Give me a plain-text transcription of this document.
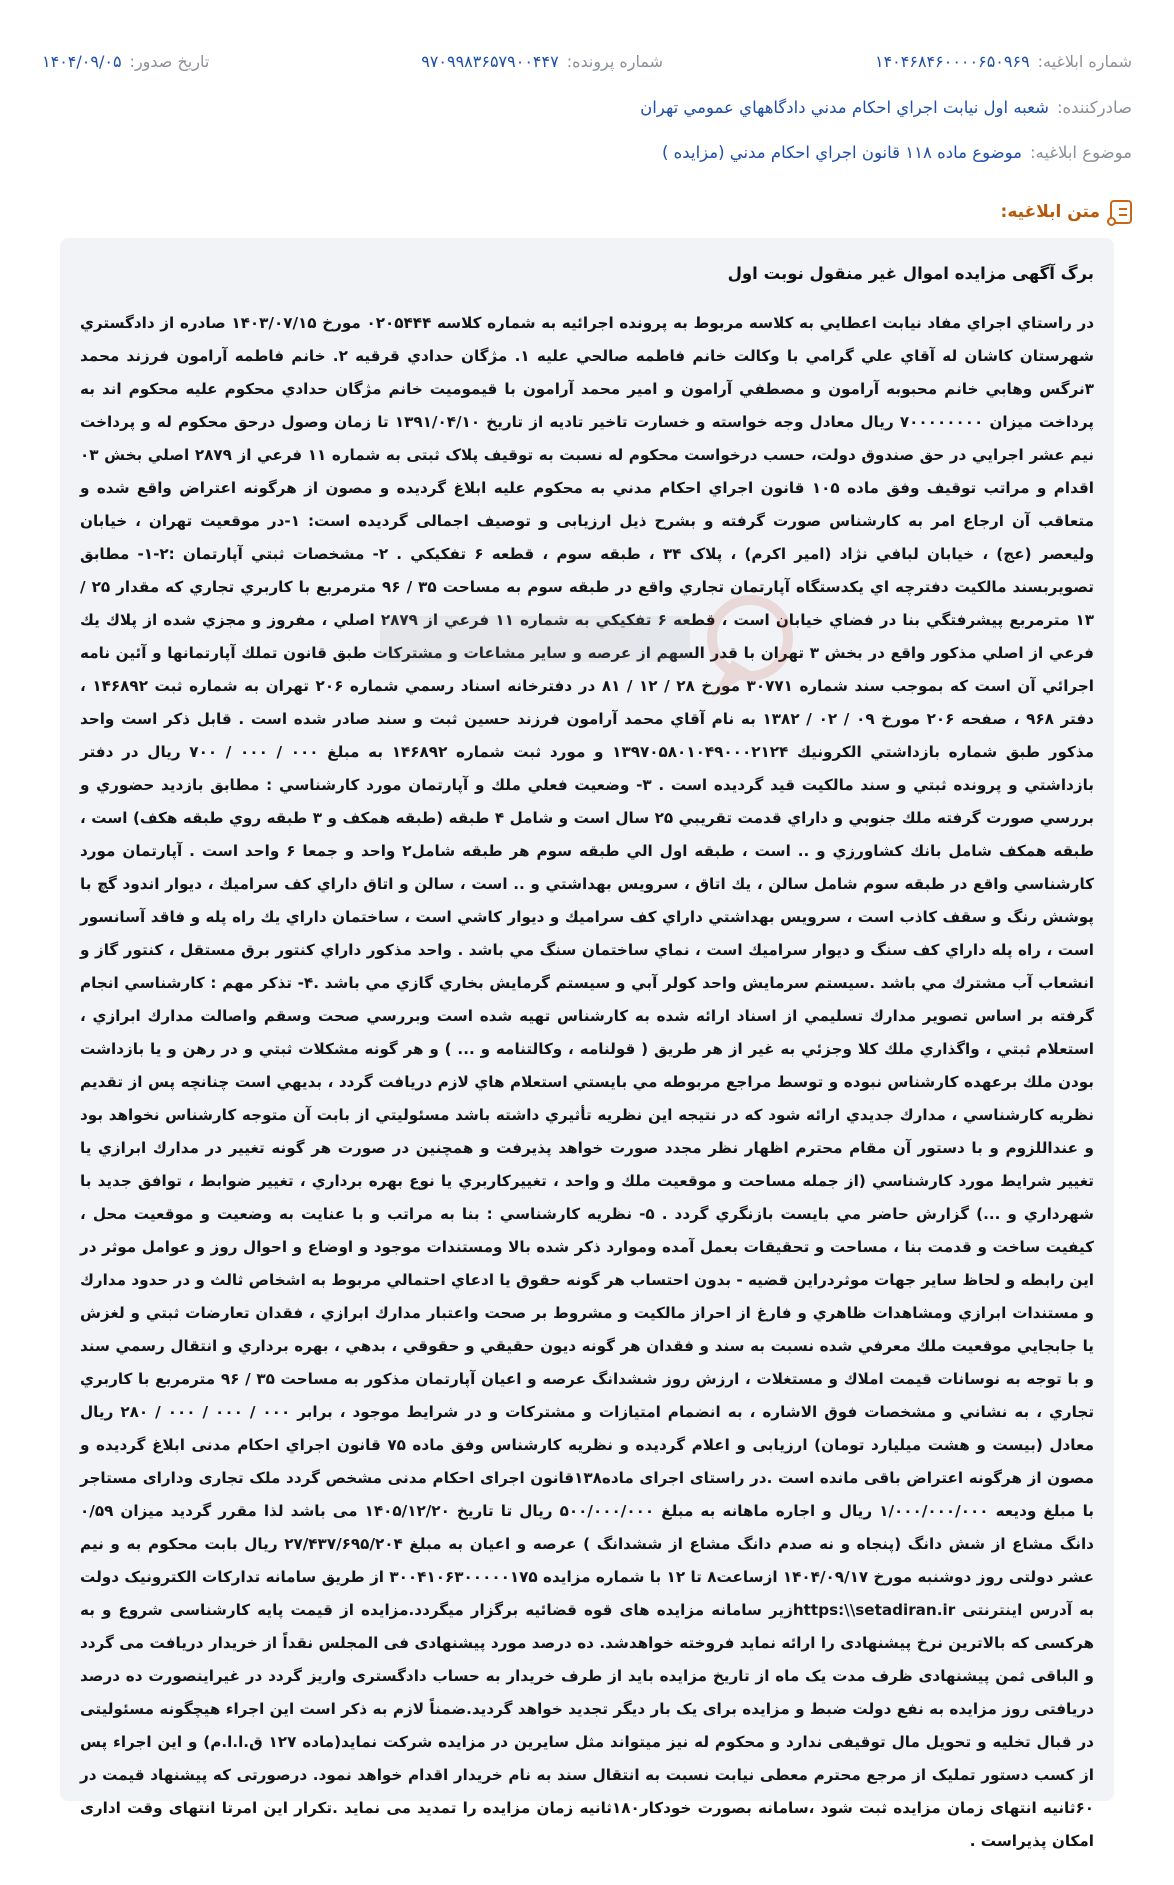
شماره ابلاغیه:
۱۴۰۴۶۸۴۶۰۰۰۰۶۵۰۹۶۹
شماره پرونده:
۹۷۰۹۹۸۳۶۵۷۹۰۰۴۴۷
تاریخ صدور:
۱۴۰۴/۰۹/۰۵
صادرکننده:
شعبه اول نيابت اجراي احکام مدني دادگاههاي عمومي تهران
موضوع ابلاغیه:
موضوع ماده ۱۱۸ قانون اجراي احکام مدني (مزايده )
متن ابلاغیه:

برگ آگهی مزايده اموال غير منقول نوبت اول

در راستاي اجراي مفاد نيابت اعطايي به کلاسه مربوط به پرونده اجرائيه به شماره کلاسه ۰۲۰۵۴۴۴ مورخ ۱۴۰۳/۰۷/۱۵ صادره از دادگستري شهرستان کاشان له آقاي علي گرامي با وکالت خانم فاطمه صالحي عليه ۱. مژگان حدادي قرقيه ۲. خانم فاطمه آرامون فرزند محمد ۳نرگس وهابي خانم محبوبه آرامون و مصطفي آرامون و امير محمد آرامون با قيموميت خانم مژگان حدادي محکوم عليه محکوم اند به پرداخت ميزان ۷۰۰۰۰۰۰۰۰ ريال معادل وجه خواسته و خسارت تاخير تاديه از تاريخ ۱۳۹۱/۰۴/۱۰ تا زمان وصول درحق محکوم له و پرداخت نيم عشر اجرايي در حق صندوق دولت، حسب درخواست محکوم له نسبت به توقيف پلاک ثبتی به شماره ۱۱ فرعي از ۲۸۷۹ اصلي بخش ۰۳ اقدام و مراتب توقيف وفق ماده ۱۰۵ قانون اجراي احکام مدني به محکوم عليه ابلاغ گرديده و مصون از هرگونه اعتراض واقع شده و متعاقب آن ارجاع امر به کارشناس صورت گرفته و بشرح ذيل ارزيابی و توصيف اجمالی گرديده است: ۱-در موقعيت تهران ، خيابان وليعصر (عج) ، خيابان لبافي نژاد (امير اکرم) ، پلاک ۳۴ ، طبقه سوم ، قطعه ۶ تفکيکي . ۲- مشخصات ثبتي آپارتمان :۲-۱- مطابق تصويربسند مالکيت دفترچه اي يکدستگاه آپارتمان تجاري واقع در طبقه سوم به مساحت ۳۵ / ۹۶ مترمربع با کاربري تجاري که مقدار ۲۵ / ۱۳ مترمربع پيشرفتگي بنا در فضاي خيابان است ، قطعه ۶ تفکيکي به شماره ۱۱ فرعي از ۲۸۷۹ اصلي ، مفروز و مجزي شده از پلاك يك فرعي از اصلي مذكور واقع در بخش ۳ تهران با قدر السهم از عرصه و ساير مشاعات و مشتركات طبق قانون تملك آپارتمانها و آئين نامه اجرائي آن است كه بموجب سند شماره ۳۰۷۷۱ مورخ ۲۸ / ۱۲ / ۸۱ در دفترخانه اسناد رسمي شماره ۲۰۶ تهران به شماره ثبت ۱۴۶۸۹۲ ، دفتر ۹۶۸ ، صفحه ۲۰۶ مورخ ۰۹ / ۰۲ / ۱۳۸۲ به نام آقاي محمد آرامون فرزند حسين ثبت و سند صادر شده است . قابل ذكر است واحد مذكور طبق شماره بازداشتي الكرونيك ۱۳۹۷۰۵۸۰۱۰۴۹۰۰۰۲۱۲۴ و مورد ثبت شماره ۱۴۶۸۹۲ به مبلغ ۰۰۰ / ۰۰۰ / ۷۰۰ ريال در دفتر بازداشتي و پرونده ثبتي و سند مالكيت قيد گرديده است . ۳- وضعيت فعلي ملك و آپارتمان مورد كارشناسي : مطابق بازديد حضوري و بررسي صورت گرفته ملك جنوبي و داراي قدمت تقريبي ۲۵ سال است و شامل ۴ طبقه (طبقه همكف و ۳ طبقه روي طبقه هكف) است ، طبقه همكف شامل بانك كشاورزي و .. است ، طبقه اول الي طبقه سوم هر طبقه شامل۲ واحد و جمعا ۶ واحد است . آپارتمان مورد كارشناسي واقع در طبقه سوم شامل سالن ، يك اتاق ، سرويس بهداشتي و .. است ، سالن و اتاق داراي كف سراميك ، ديوار اندود گچ با پوشش رنگ و سقف كاذب است ، سرويس بهداشتي داراي كف سراميك و ديوار كاشي است ، ساختمان داراي يك راه پله و فاقد آسانسور است ، راه پله داراي كف سنگ و ديوار سراميك است ، نماي ساختمان سنگ مي باشد . واحد مذكور داراي كنتور برق مستقل ، كنتور گاز و انشعاب آب مشترك مي باشد .سيستم سرمايش واحد كولر آبي و سيستم گرمايش بخاري گازي مي باشد .۴- تذكر مهم : كارشناسي انجام گرفته بر اساس تصوير مدارك تسليمي از اسناد ارائه شده به كارشناس تهيه شده است وبررسي صحت وسقم واصالت مدارك ابرازي ، استعلام ثبتي ، واگذاري ملك كلا وجزئي به غير از هر طريق ( قولنامه ، وكالتنامه و ... ) و هر گونه مشكلات ثبتي و در رهن و يا بازداشت بودن ملك برعهده كارشناس نبوده و توسط مراجع مربوطه مي بايستي استعلام هاي لازم دريافت گردد ، بديهي است چنانچه پس از تقديم نظريه كارشناسي ، مدارك جديدي ارائه شود كه در نتيجه اين نظريه تأثيري داشته باشد مسئوليتي از بابت آن متوجه كارشناس نخواهد بود و عنداللزوم و با دستور آن مقام محترم اظهار نظر مجدد صورت خواهد پذيرفت و همچنين در صورت هر گونه تغيير در مدارك ابرازي يا تغيير شرايط مورد كارشناسي (از جمله مساحت و موقعيت ملك و واحد ، تغييركاربري يا نوع بهره برداري ، تغيير ضوابط ، توافق جديد با شهرداري و ...) گزارش حاضر مي بايست بازنگري گردد . ۵- نظريه كارشناسي : بنا به مراتب و با عنايت به وضعيت و موقعيت محل ، كيفيت ساخت و قدمت بنا ، مساحت و تحقيقات بعمل آمده وموارد ذكر شده بالا ومستندات موجود و اوضاع و احوال روز و عوامل موثر در اين رابطه و لحاظ ساير جهات موثردراين قضيه - بدون احتساب هر گونه حقوق يا ادعاي احتمالي مربوط به اشخاص ثالث و در حدود مدارك و مستندات ابرازي ومشاهدات ظاهري و فارغ از احراز مالكيت و مشروط بر صحت واعتبار مدارك ابرازي ، فقدان تعارضات ثبتي و لغزش يا جابجايي موقعيت ملك معرفي شده نسبت به سند و فقدان هر گونه ديون حقيقي و حقوقي ، بدهي ، بهره برداري و انتقال رسمي سند و با توجه به نوسانات قيمت املاك و مستغلات ، ارزش روز ششدانگ عرصه و اعيان آپارتمان مذكور به مساحت ۳۵ / ۹۶ مترمربع با كاربري تجاري ، به نشاني و مشخصات فوق الاشاره ، به انضمام امتيازات و مشتركات و در شرايط موجود ، برابر ۰۰۰ / ۰۰۰ / ۰۰۰ / ۲۸۰ ريال معادل (بيست و هشت ميليارد تومان) ارزيابی و اعلام گرديده و نظريه کارشناس وفق ماده ۷۵ قانون اجراي احکام مدنی ابلاغ گرديده و مصون از هرگونه اعتراض باقی مانده است .در راستای اجرای ماده۱۳۸قانون اجرای احکام مدنی مشخص گردد ملک تجاری ودارای مستاجر با مبلغ وديعه ۱/۰۰۰/۰۰۰/۰۰۰ ريال و اجاره ماهانه به مبلغ ۵۰۰/۰۰۰/۰۰۰ ريال تا تاريخ ۱۴۰۵/۱۲/۲۰ می باشد لذا مقرر گرديد ميزان ۰/۵۹ دانگ مشاع از شش دانگ (پنجاه و نه صدم دانگ مشاع از ششدانگ ) عرصه و اعيان به مبلغ ۲۷/۴۳۷/۶۹۵/۲۰۴ ريال بابت محکوم به و نيم عشر دولتی روز دوشنبه مورخ ۱۴۰۴/۰۹/۱۷ ازساعت۸ تا ۱۲ با شماره مزايده ۳۰۰۴۱۰۶۳۰۰۰۰۰۱۷۵ از طريق سامانه تدارکات الکترونيک دولت به آدرس اينترنتی https:\\setadiran.irزیر سامانه مزايده های قوه قضائيه برگزار ميگردد.مزايده از قيمت پايه کارشناسی شروع و به هرکسی که بالاترين نرخ پيشنهادی را ارائه نمايد فروخته خواهدشد. ده درصد مورد پيشنهادی فی المجلس نقداً از خريدار دريافت می گردد و الباقی ثمن پيشنهادی ظرف مدت يک ماه از تاريخ مزايده بايد از طرف خريدار به حساب دادگستری واريز گردد در غيراينصورت ده درصد دريافتی روز مزايده به نفع دولت ضبط و مزايده برای يک بار ديگر تجديد خواهد گرديد.ضمناً لازم به ذکر است اين اجراء هيچگونه مسئوليتی در قبال تخليه و تحويل مال توقيفی ندارد و محکوم له نيز ميتواند مثل سايرين در مزايده شرکت نمايد(ماده ۱۲۷ ق.ا.ا.م) و اين اجراء پس از کسب دستور تمليک از مرجع محترم معطی نيابت نسبت به انتقال سند به نام خريدار اقدام خواهد نمود. درصورتی که پيشنهاد قيمت در ۶۰ثانيه انتهای زمان مزايده ثبت شود ،سامانه بصورت خودکار۱۸۰ثانيه زمان مزايده را تمديد می نمايد .تکرار اين امرتا انتهای وقت اداری امکان پذيراست .
